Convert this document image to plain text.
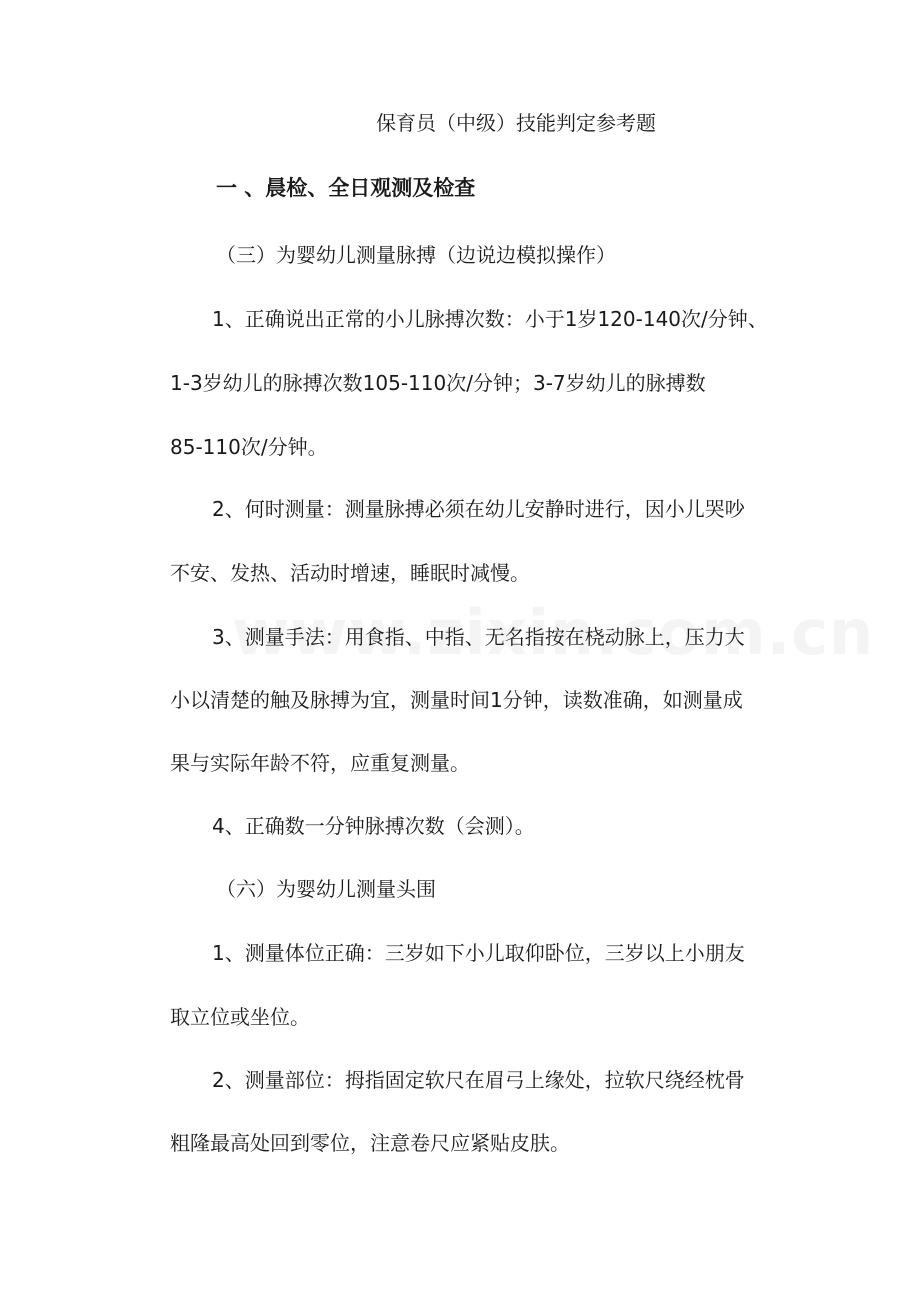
保育员（中级）技能判定参考题
一 、晨检、全日观测及检查
（三）为婴幼儿测量脉搏（边说边模拟操作）
1、正确说出正常的小儿脉搏次数：小于1岁120-140次/分钟、
1-3岁幼儿的脉搏次数105-110次/分钟；3-7岁幼儿的脉搏数
85-110次/分钟。
2、何时测量：测量脉搏必须在幼儿安静时进行，因小儿哭吵
不安、发热、活动时增速，睡眠时减慢。
3、测量手法：用食指、中指、无名指按在桡动脉上，压力大
小以清楚的触及脉搏为宜，测量时间1分钟，读数准确，如测量成
果与实际年龄不符，应重复测量。
4、正确数一分钟脉搏次数（会测）。
（六）为婴幼儿测量头围
1、测量体位正确：三岁如下小儿取仰卧位，三岁以上小朋友
取立位或坐位。
2、测量部位：拇指固定软尺在眉弓上缘处，拉软尺绕经枕骨
粗隆最高处回到零位，注意卷尺应紧贴皮肤。
